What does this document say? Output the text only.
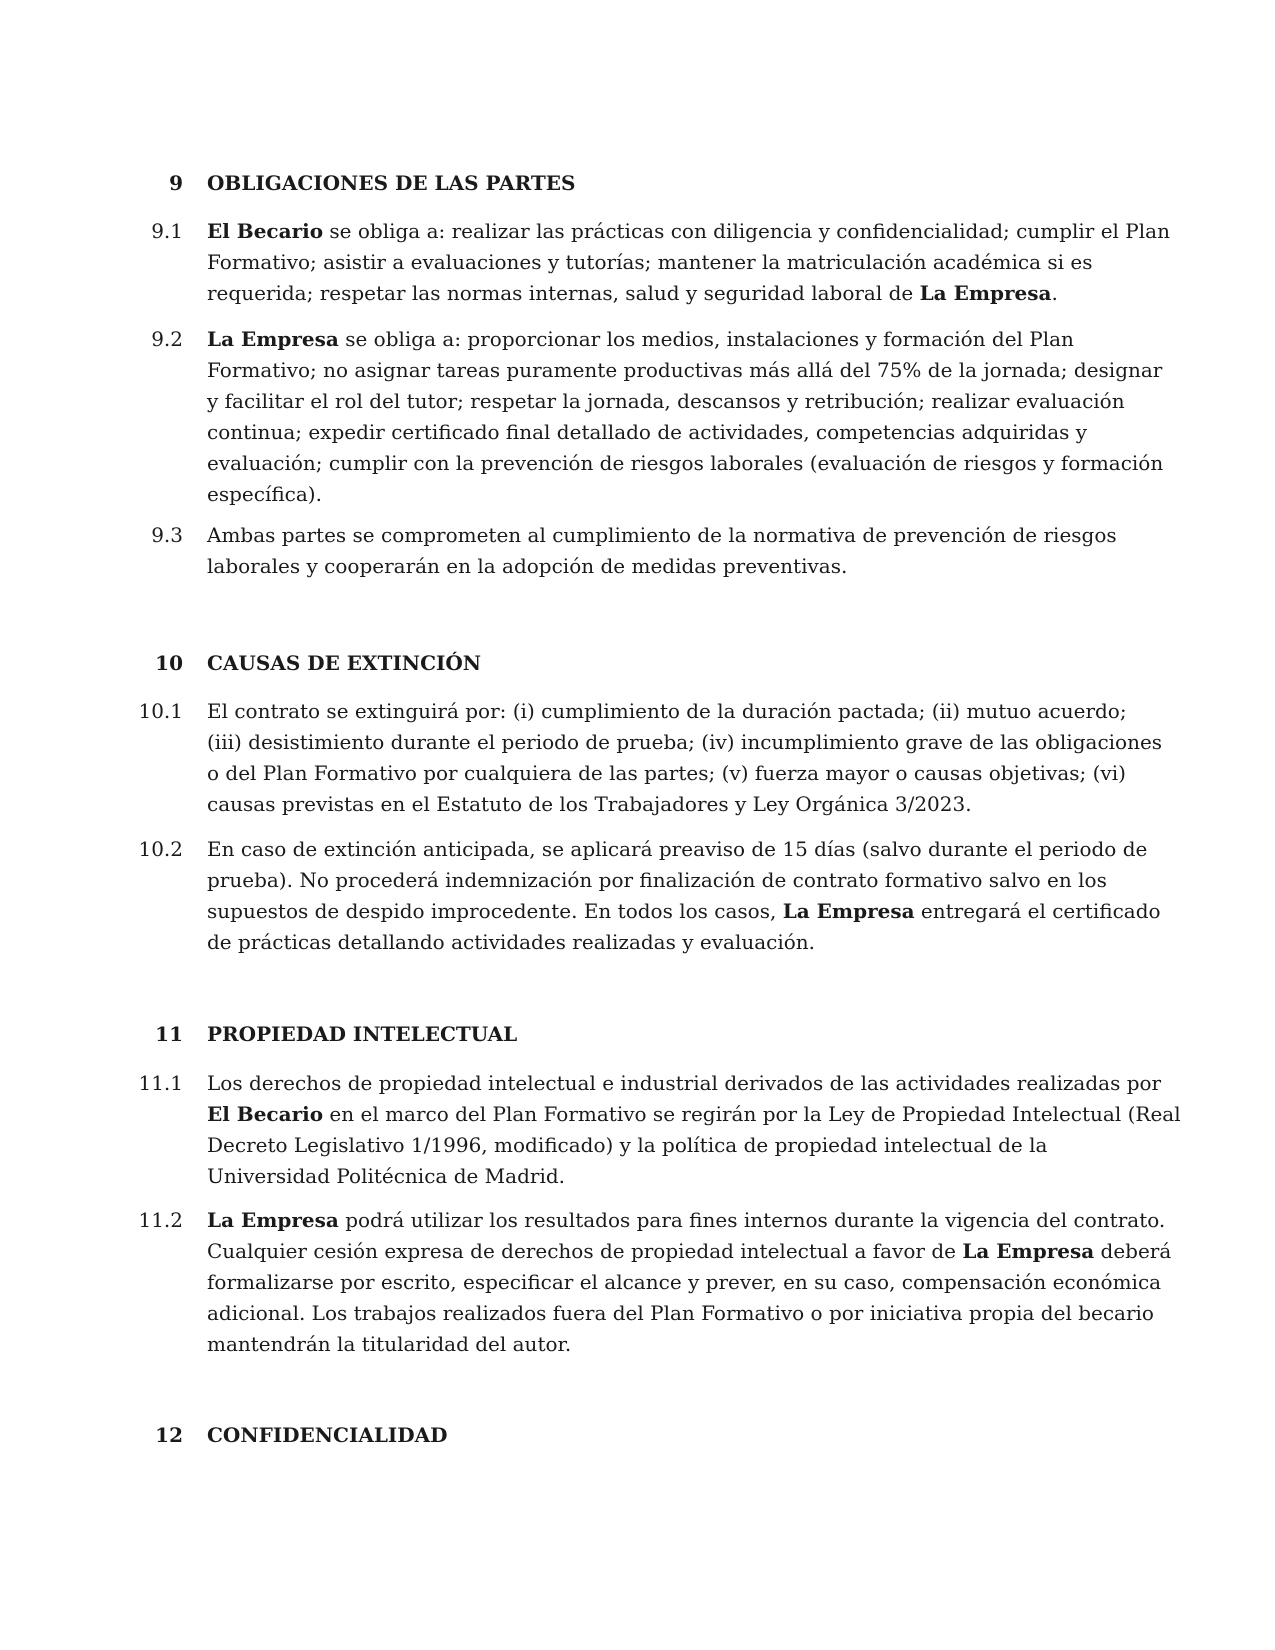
9 OBLIGACIONES DE LAS PARTES
9.1 El Becario se obliga a: realizar las prácticas con diligencia y confidencialidad; cumplir el Plan
Formativo; asistir a evaluaciones y tutorías; mantener la matriculación académica si es
requerida; respetar las normas internas, salud y seguridad laboral de La Empresa.
9.2 La Empresa se obliga a: proporcionar los medios, instalaciones y formación del Plan
Formativo; no asignar tareas puramente productivas más allá del 75% de la jornada; designar
y facilitar el rol del tutor; respetar la jornada, descansos y retribución; realizar evaluación
continua; expedir certificado final detallado de actividades, competencias adquiridas y
evaluación; cumplir con la prevención de riesgos laborales (evaluación de riesgos y formación
específica).
9.3 Ambas partes se comprometen al cumplimiento de la normativa de prevención de riesgos
laborales y cooperarán en la adopción de medidas preventivas.
10 CAUSAS DE EXTINCIÓN
10.1 El contrato se extinguirá por: (i) cumplimiento de la duración pactada; (ii) mutuo acuerdo;
(iii) desistimiento durante el periodo de prueba; (iv) incumplimiento grave de las obligaciones
o del Plan Formativo por cualquiera de las partes; (v) fuerza mayor o causas objetivas; (vi)
causas previstas en el Estatuto de los Trabajadores y Ley Orgánica 3/2023.
10.2 En caso de extinción anticipada, se aplicará preaviso de 15 días (salvo durante el periodo de
prueba). No procederá indemnización por finalización de contrato formativo salvo en los
supuestos de despido improcedente. En todos los casos, La Empresa entregará el certificado
de prácticas detallando actividades realizadas y evaluación.
11 PROPIEDAD INTELECTUAL
11.1 Los derechos de propiedad intelectual e industrial derivados de las actividades realizadas por
El Becario en el marco del Plan Formativo se regirán por la Ley de Propiedad Intelectual (Real
Decreto Legislativo 1/1996, modificado) y la política de propiedad intelectual de la
Universidad Politécnica de Madrid.
11.2 La Empresa podrá utilizar los resultados para fines internos durante la vigencia del contrato.
Cualquier cesión expresa de derechos de propiedad intelectual a favor de La Empresa deberá
formalizarse por escrito, especificar el alcance y prever, en su caso, compensación económica
adicional. Los trabajos realizados fuera del Plan Formativo o por iniciativa propia del becario
mantendrán la titularidad del autor.
12 CONFIDENCIALIDAD
